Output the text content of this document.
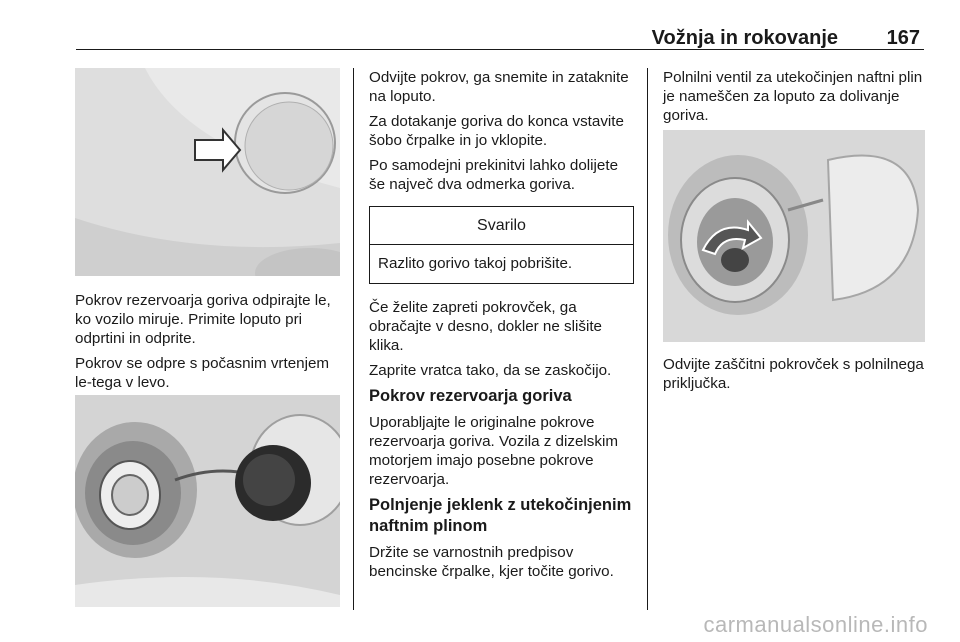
Vožnja in rokovanje 167

Pokrov rezervoarja goriva odpirajte le, ko vozilo miruje. Primite loputo pri odprtini in odprite.

Pokrov se odpre s počasnim vrtenjem le-tega v levo.

Odvijte pokrov, ga snemite in zataknite na loputo.

Za dotakanje goriva do konca vstavite šobo črpalke in jo vklopite.

Po samodejni prekinitvi lahko dolijete še največ dva odmerka goriva.

Svarilo
Razlito gorivo takoj pobrišite.

Če želite zapreti pokrovček, ga obračajte v desno, dokler ne slišite klika.

Zaprite vratca tako, da se zaskočijo.

Pokrov rezervoarja goriva

Uporabljajte le originalne pokrove rezervoarja goriva. Vozila z dizelskim motorjem imajo posebne pokrove rezervoarja.

Polnjenje jeklenk z utekočinjenim naftnim plinom

Držite se varnostnih predpisov bencinske črpalke, kjer točite gorivo.

Polnilni ventil za utekočinjen naftni plin je nameščen za loputo za dolivanje goriva.

Odvijte zaščitni pokrovček s polnilnega priključka.

carmanualsonline.info
